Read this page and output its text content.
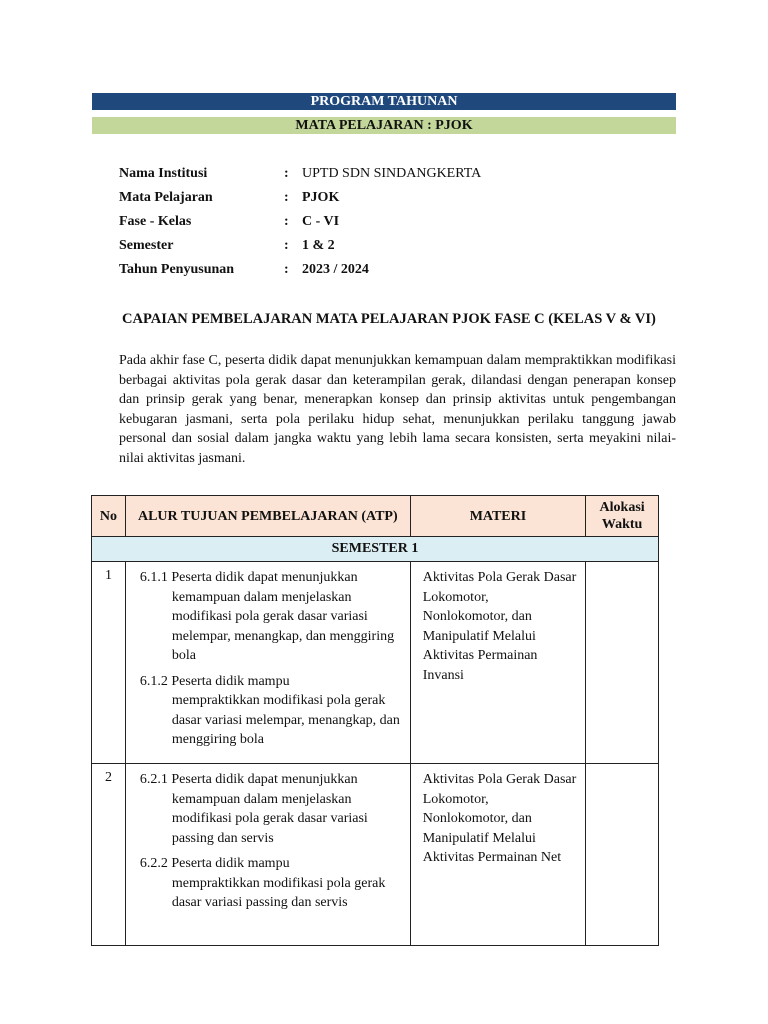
PROGRAM TAHUNAN
MATA PELAJARAN : PJOK
Nama Institusi	: UPTD SDN SINDANGKERTA
Mata Pelajaran	: PJOK
Fase - Kelas	: C - VI
Semester	: 1 & 2
Tahun Penyusunan	: 2023 / 2024
CAPAIAN PEMBELAJARAN MATA PELAJARAN PJOK FASE C (KELAS V & VI)
Pada akhir fase C, peserta didik dapat menunjukkan kemampuan dalam mempraktikkan modifikasi berbagai aktivitas pola gerak dasar dan keterampilan gerak, dilandasi dengan penerapan konsep dan prinsip gerak yang benar, menerapkan konsep dan prinsip aktivitas untuk pengembangan kebugaran jasmani, serta pola perilaku hidup sehat, menunjukkan perilaku tanggung jawab personal dan sosial dalam jangka waktu yang lebih lama secara konsisten, serta meyakini nilai-nilai aktivitas jasmani.
No	ALUR TUJUAN PEMBELAJARAN (ATP)	MATERI	Alokasi Waktu
SEMESTER 1			
1	6.1.1 Peserta didik dapat menunjukkan
kemampuan dalam menjelaskan modifikasi pola gerak dasar variasi melempar, menangkap, dan menggiring bola
6.1.2 Peserta didik mampu
mempraktikkan modifikasi pola gerak dasar variasi melempar, menangkap, dan menggiring bola	Aktivitas Pola Gerak Dasar Lokomotor, Nonlokomotor, dan Manipulatif Melalui Aktivitas Permainan Invansi	
2	6.2.1 Peserta didik dapat menunjukkan
kemampuan dalam menjelaskan modifikasi pola gerak dasar variasi passing dan servis
6.2.2 Peserta didik mampu
mempraktikkan modifikasi pola gerak dasar variasi passing dan servis	Aktivitas Pola Gerak Dasar Lokomotor, Nonlokomotor, dan Manipulatif Melalui Aktivitas Permainan Net	
